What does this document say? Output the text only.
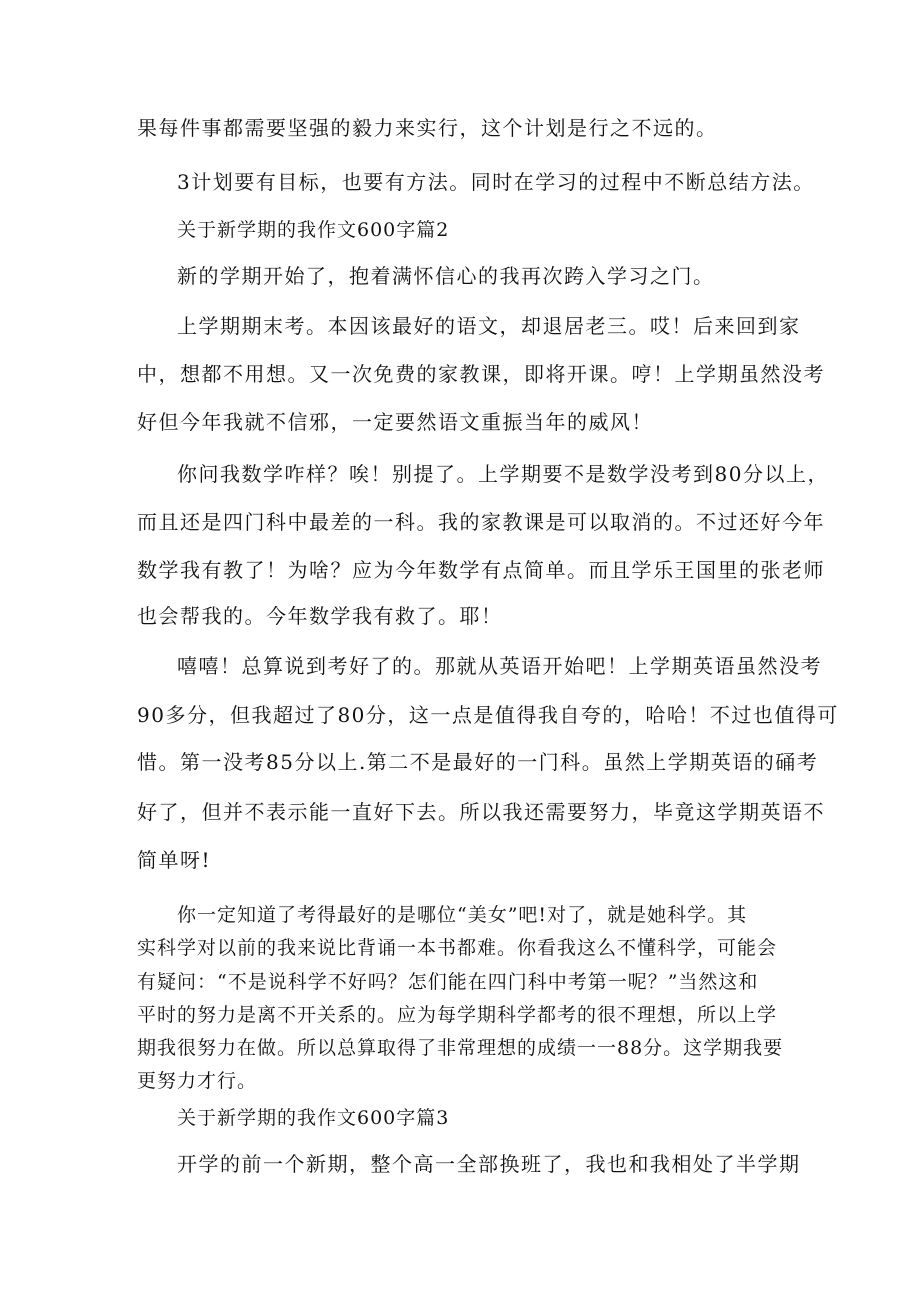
果每件事都需要坚强的毅力来实行，这个计划是行之不远的。
3计划要有目标，也要有方法。同时在学习的过程中不断总结方法。
关于新学期的我作文600字篇2
新的学期开始了，抱着满怀信心的我再次跨入学习之门。
上学期期末考。本因该最好的语文，却退居老三。哎！后来回到家
中，想都不用想。又一次免费的家教课，即将开课。哼！上学期虽然没考
好但今年我就不信邪，一定要然语文重振当年的威风！
你问我数学咋样？唉！别提了。上学期要不是数学没考到80分以上，
而且还是四门科中最差的一科。我的家教课是可以取消的。不过还好今年
数学我有教了！为啥？应为今年数学有点简单。而且学乐王国里的张老师
也会帮我的。今年数学我有救了。耶！
嘻嘻！总算说到考好了的。那就从英语开始吧！上学期英语虽然没考
90多分，但我超过了80分，这一点是值得我自夸的，哈哈！不过也值得可
惜。第一没考85分以上.第二不是最好的一门科。虽然上学期英语的硧考
好了，但并不表示能一直好下去。所以我还需要努力，毕竟这学期英语不
简单呀!
你一定知道了考得最好的是哪位“美女”吧!对了，就是她科学。其
实科学对以前的我来说比背诵一本书都难。你看我这么不懂科学，可能会
有疑问：“不是说科学不好吗？怎们能在四门科中考第一呢？”当然这和
平时的努力是离不开关系的。应为每学期科学都考的很不理想，所以上学
期我很努力在做。所以总算取得了非常理想的成绩一一88分。这学期我要
更努力才行。
关于新学期的我作文600字篇3
开学的前一个新期，整个高一全部换班了，我也和我相处了半学期
